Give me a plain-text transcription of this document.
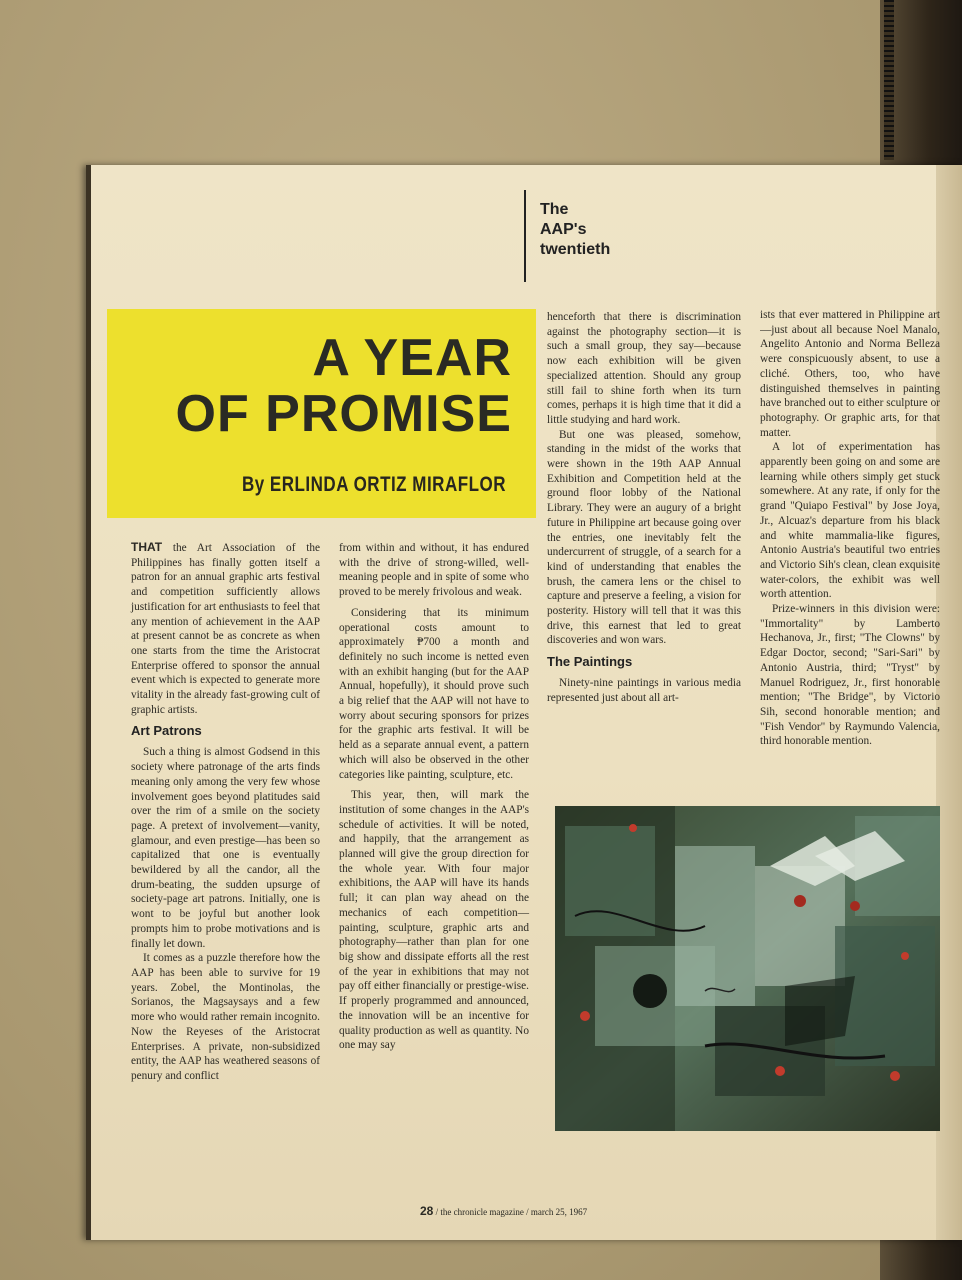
The
AAP's
twentieth
A YEAR
OF PROMISE
By ERLINDA ORTIZ MIRAFLOR

THAT the Art Association of the Philippines has finally gotten itself a patron for an annual graphic arts festival and competition sufficiently allows justification for art enthusiasts to feel that any mention of achievement in the AAP at present cannot be as concrete as when one starts from the time the Aristocrat Enterprise offered to sponsor the annual event which is expected to generate more vitality in the already fast-growing cult of graphic artists.

Art Patrons

Such a thing is almost Godsend in this society where patronage of the arts finds meaning only among the very few whose involvement goes beyond platitudes said over the rim of a smile on the society page. A pretext of involvement—vanity, glamour, and even prestige—has been so capitalized that one is eventually bewildered by all the candor, all the drum-beating, the sudden upsurge of society-page art patrons. Initially, one is wont to be joyful but another look prompts him to probe motivations and is finally let down.

It comes as a puzzle therefore how the AAP has been able to survive for 19 years. Zobel, the Montinolas, the Sorianos, the Magsaysays and a few more who would rather remain incognito. Now the Reyeses of the Aristocrat Enterprises. A private, non-subsidized entity, the AAP has weathered seasons of penury and conflict

from within and without, it has endured with the drive of strong-willed, well-meaning people and in spite of some who proved to be merely frivolous and weak.

Considering that its minimum operational costs amount to approximately ₱700 a month and definitely no such income is netted even with an exhibit hanging (but for the AAP Annual, hopefully), it should prove such a big relief that the AAP will not have to worry about securing sponsors for prizes for the graphic arts festival. It will be held as a separate annual event, a pattern which will also be observed in the other categories like painting, sculpture, etc.

This year, then, will mark the institution of some changes in the AAP's schedule of activities. It will be noted, and happily, that the arrangement as planned will give the group direction for the whole year. With four major exhibitions, the AAP will have its hands full; it can plan way ahead on the mechanics of each competition—painting, sculpture, graphic arts and photography—rather than plan for one big show and dissipate efforts all the rest of the year in exhibitions that may not pay off either financially or prestige-wise. If properly programmed and announced, the innovation will be an incentive for quality production as well as quantity. No one may say

henceforth that there is discrimination against the photography section—it is such a small group, they say—because now each exhibition will be given specialized attention. Should any group still fail to shine forth when its turn comes, perhaps it is high time that it did a little studying and hard work.

But one was pleased, somehow, standing in the midst of the works that were shown in the 19th AAP Annual Exhibition and Competition held at the ground floor lobby of the National Library. They were an augury of a bright future in Philippine art because going over the entries, one inevitably felt the undercurrent of struggle, of a search for a kind of understanding that enables the brush, the camera lens or the chisel to capture and preserve a feeling, a vision for posterity. History will tell that it was this drive, this earnest that led to great discoveries and won wars.

The Paintings

Ninety-nine paintings in various media represented just about all art-

ists that ever mattered in Philippine art—just about all because Noel Manalo, Angelito Antonio and Norma Belleza were conspicuously absent, to use a cliché. Others, too, who have distinguished themselves in painting have branched out to either sculpture or photography. Or graphic arts, for that matter.

A lot of experimentation has apparently been going on and some are learning while others simply get stuck somewhere. At any rate, if only for the grand "Quiapo Festival" by Jose Joya, Jr., Alcuaz's departure from his black and white mammalia-like figures, Antonio Austria's beautiful two entries and Victorio Sih's clean, clean exquisite water-colors, the exhibit was well worth attention.

Prize-winners in this division were: "Immortality" by Lamberto Hechanova, Jr., first; "The Clowns" by Edgar Doctor, second; "Sari-Sari" by Antonio Austria, third; "Tryst" by Manuel Rodriguez, Jr., first honorable mention; "The Bridge", by Victorio Sih, second honorable mention; and "Fish Vendor" by Raymundo Valencia, third honorable mention.

28 / the chronicle magazine / march 25, 1967
